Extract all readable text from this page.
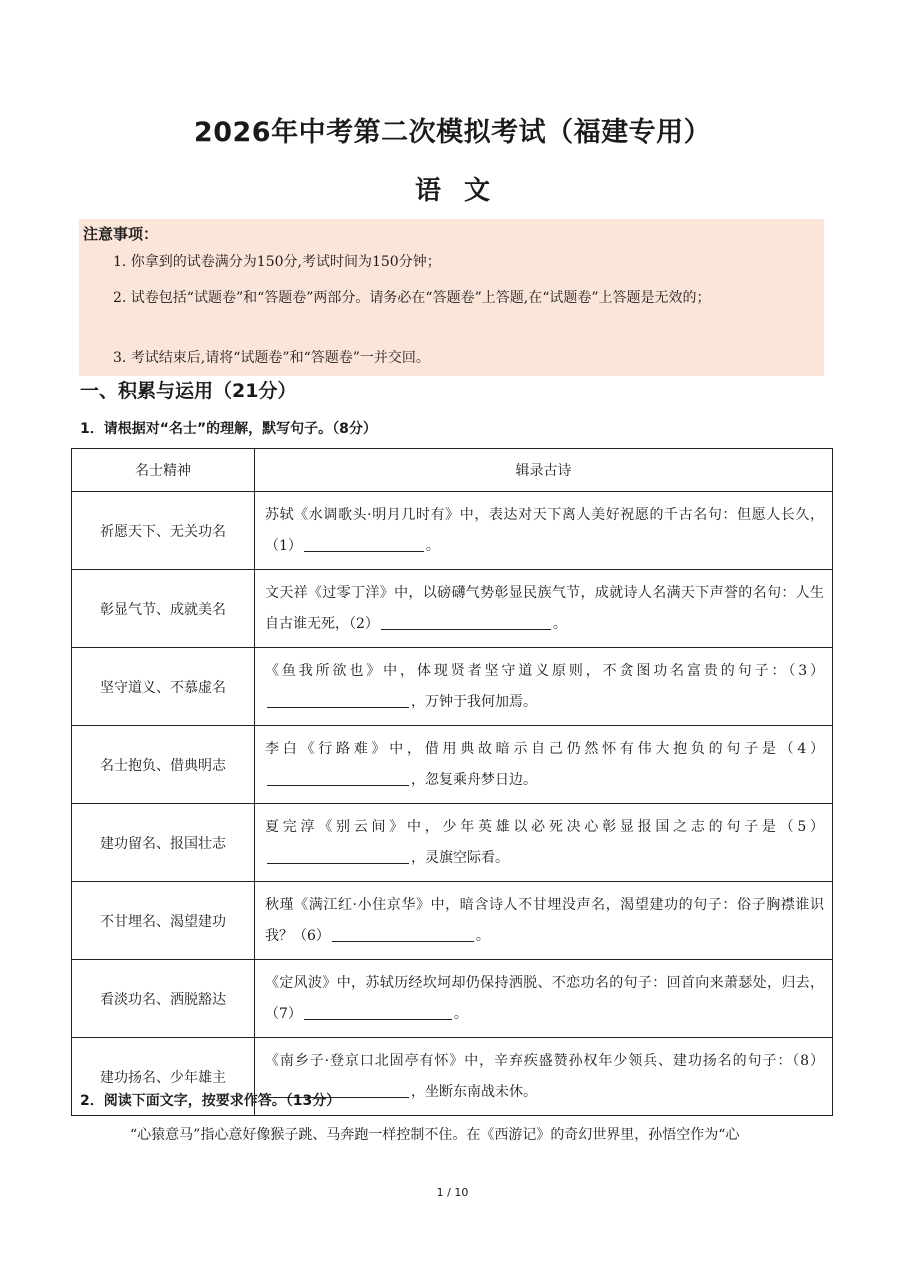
2026年中考第二次模拟考试（福建专用）
语 文
注意事项：
1. 你拿到的试卷满分为150分,考试时间为150分钟；
2. 试卷包括“试题卷”和“答题卷”两部分。请务必在“答题卷”上答题,在“试题卷”上答题是无效的；
3. 考试结束后,请将“试题卷”和“答题卷”一并交回。
一、积累与运用（21分）
1．请根据对“名士”的理解，默写句子。（8分）
名士精神	辑录古诗
祈愿天下、无关功名	苏轼《水调歌头·明月几时有》中，表达对天下离人美好祝愿的千古名句：但愿人长久，（1） 。
彰显气节、成就美名	文天祥《过零丁洋》中，以磅礴气势彰显民族气节，成就诗人名满天下声誉的名句：人生自古谁无死，（2） 。
坚守道义、不慕虚名	《鱼我所欲也》中，体现贤者坚守道义原则，不贪图功名富贵的句子：（3），万钟于我何加焉。
名士抱负、借典明志	李白《行路难》中，借用典故暗示自己仍然怀有伟大抱负的句子是（4），忽复乘舟梦日边。
建功留名、报国壮志	夏完淳《别云间》中，少年英雄以必死决心彰显报国之志的句子是（5），灵旗空际看。
不甘埋名、渴望建功	秋瑾《满江红·小住京华》中，暗含诗人不甘埋没声名，渴望建功的句子：俗子胸襟谁识我？（6） 。
看淡功名、洒脱豁达	《定风波》中，苏轼历经坎坷却仍保持洒脱、不恋功名的句子：回首向来萧瑟处，归去，（7） 。
建功扬名、少年雄主	《南乡子·登京口北固亭有怀》中，辛弃疾盛赞孙权年少领兵、建功扬名的句子：（8），坐断东南战未休。
2．阅读下面文字，按要求作答。（13分）
“心猿意马”指心意好像猴子跳、马奔跑一样控制不住。在《西游记》的奇幻世界里，孙悟空作为“心
1 / 10
